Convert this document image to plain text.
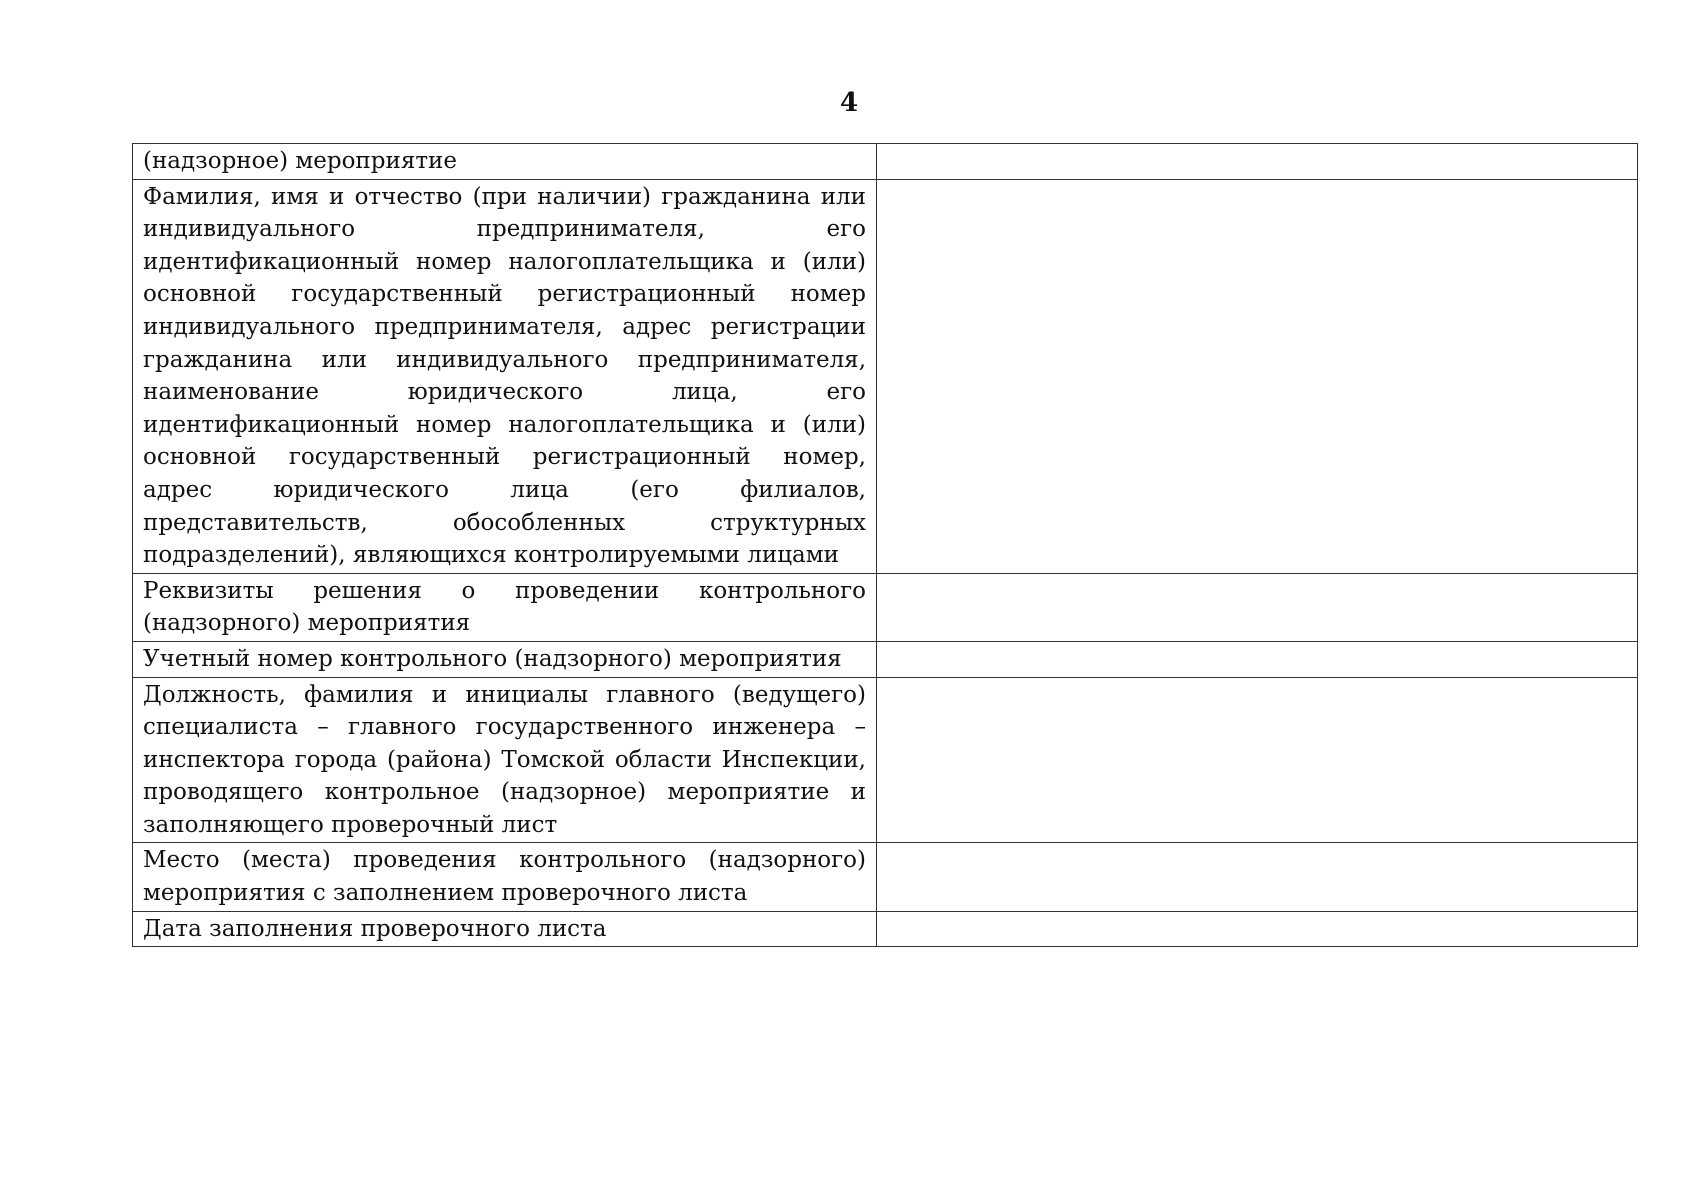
4
(надзорное) мероприятие	
Фамилия, имя и отчество (при наличии) гражданина или индивидуального предпринимателя, его идентификационный номер налогоплательщика и (или) основной государственный регистрационный номер индивидуального предпринимателя, адрес регистрации гражданина или индивидуального предпринимателя, наименование юридического лица, его идентификационный номер налогоплательщика и (или) основной государственный регистрационный номер, адрес юридического лица (его филиалов, представительств, обособленных структурных подразделений), являющихся контролируемыми лицами	
Реквизиты решения о проведении контрольного (надзорного) мероприятия	
Учетный номер контрольного (надзорного) мероприятия	
Должность, фамилия и инициалы главного (ведущего) специалиста – главного государственного инженера – инспектора города (района) Томской области Инспекции, проводящего контрольное (надзорное) мероприятие и заполняющего проверочный лист	
Место (места) проведения контрольного (надзорного) мероприятия с заполнением проверочного листа	
Дата заполнения проверочного листа	
